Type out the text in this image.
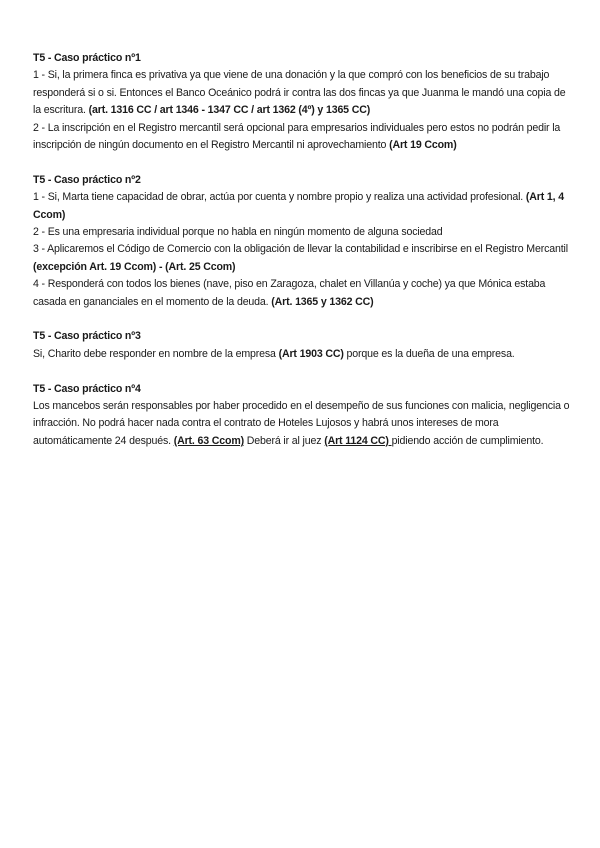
T5 - Caso práctico nº1

1 - Si, la primera finca es privativa ya que viene de una donación y la que compró con los beneficios de su trabajo responderá si o si. Entonces el Banco Oceánico podrá ir contra las dos fincas ya que Juanma le mandó una copia de la escritura. (art. 1316 CC / art 1346 - 1347 CC / art 1362 (4º) y 1365 CC)

2 - La inscripción en el Registro mercantil será opcional para empresarios individuales pero estos no podrán pedir la inscripción de ningún documento en el Registro Mercantil ni aprovechamiento (Art 19 Ccom)

T5 - Caso práctico nº2

1 - Si, Marta tiene capacidad de obrar, actúa por cuenta y nombre propio y realiza una actividad profesional. (Art 1, 4 Ccom)

2 - Es una empresaria individual porque no habla en ningún momento de alguna sociedad

3 - Aplicaremos el Código de Comercio con la obligación de llevar la contabilidad e inscribirse en el Registro Mercantil (excepción Art. 19 Ccom) - (Art. 25 Ccom)

4 - Responderá con todos los bienes (nave, piso en Zaragoza, chalet en Villanúa y coche) ya que Mónica estaba casada en gananciales en el momento de la deuda. (Art. 1365 y 1362 CC)

T5 - Caso práctico nº3

Si, Charito debe responder en nombre de la empresa (Art 1903 CC) porque es la dueña de una empresa.

T5 - Caso práctico nº4

Los mancebos serán responsables por haber procedido en el desempeño de sus funciones con malicia, negligencia o infracción. No podrá hacer nada contra el contrato de Hoteles Lujosos y habrá unos intereses de mora automáticamente 24 después. (Art. 63 Ccom) Deberá ir al juez (Art 1124 CC) pidiendo acción de cumplimiento.
